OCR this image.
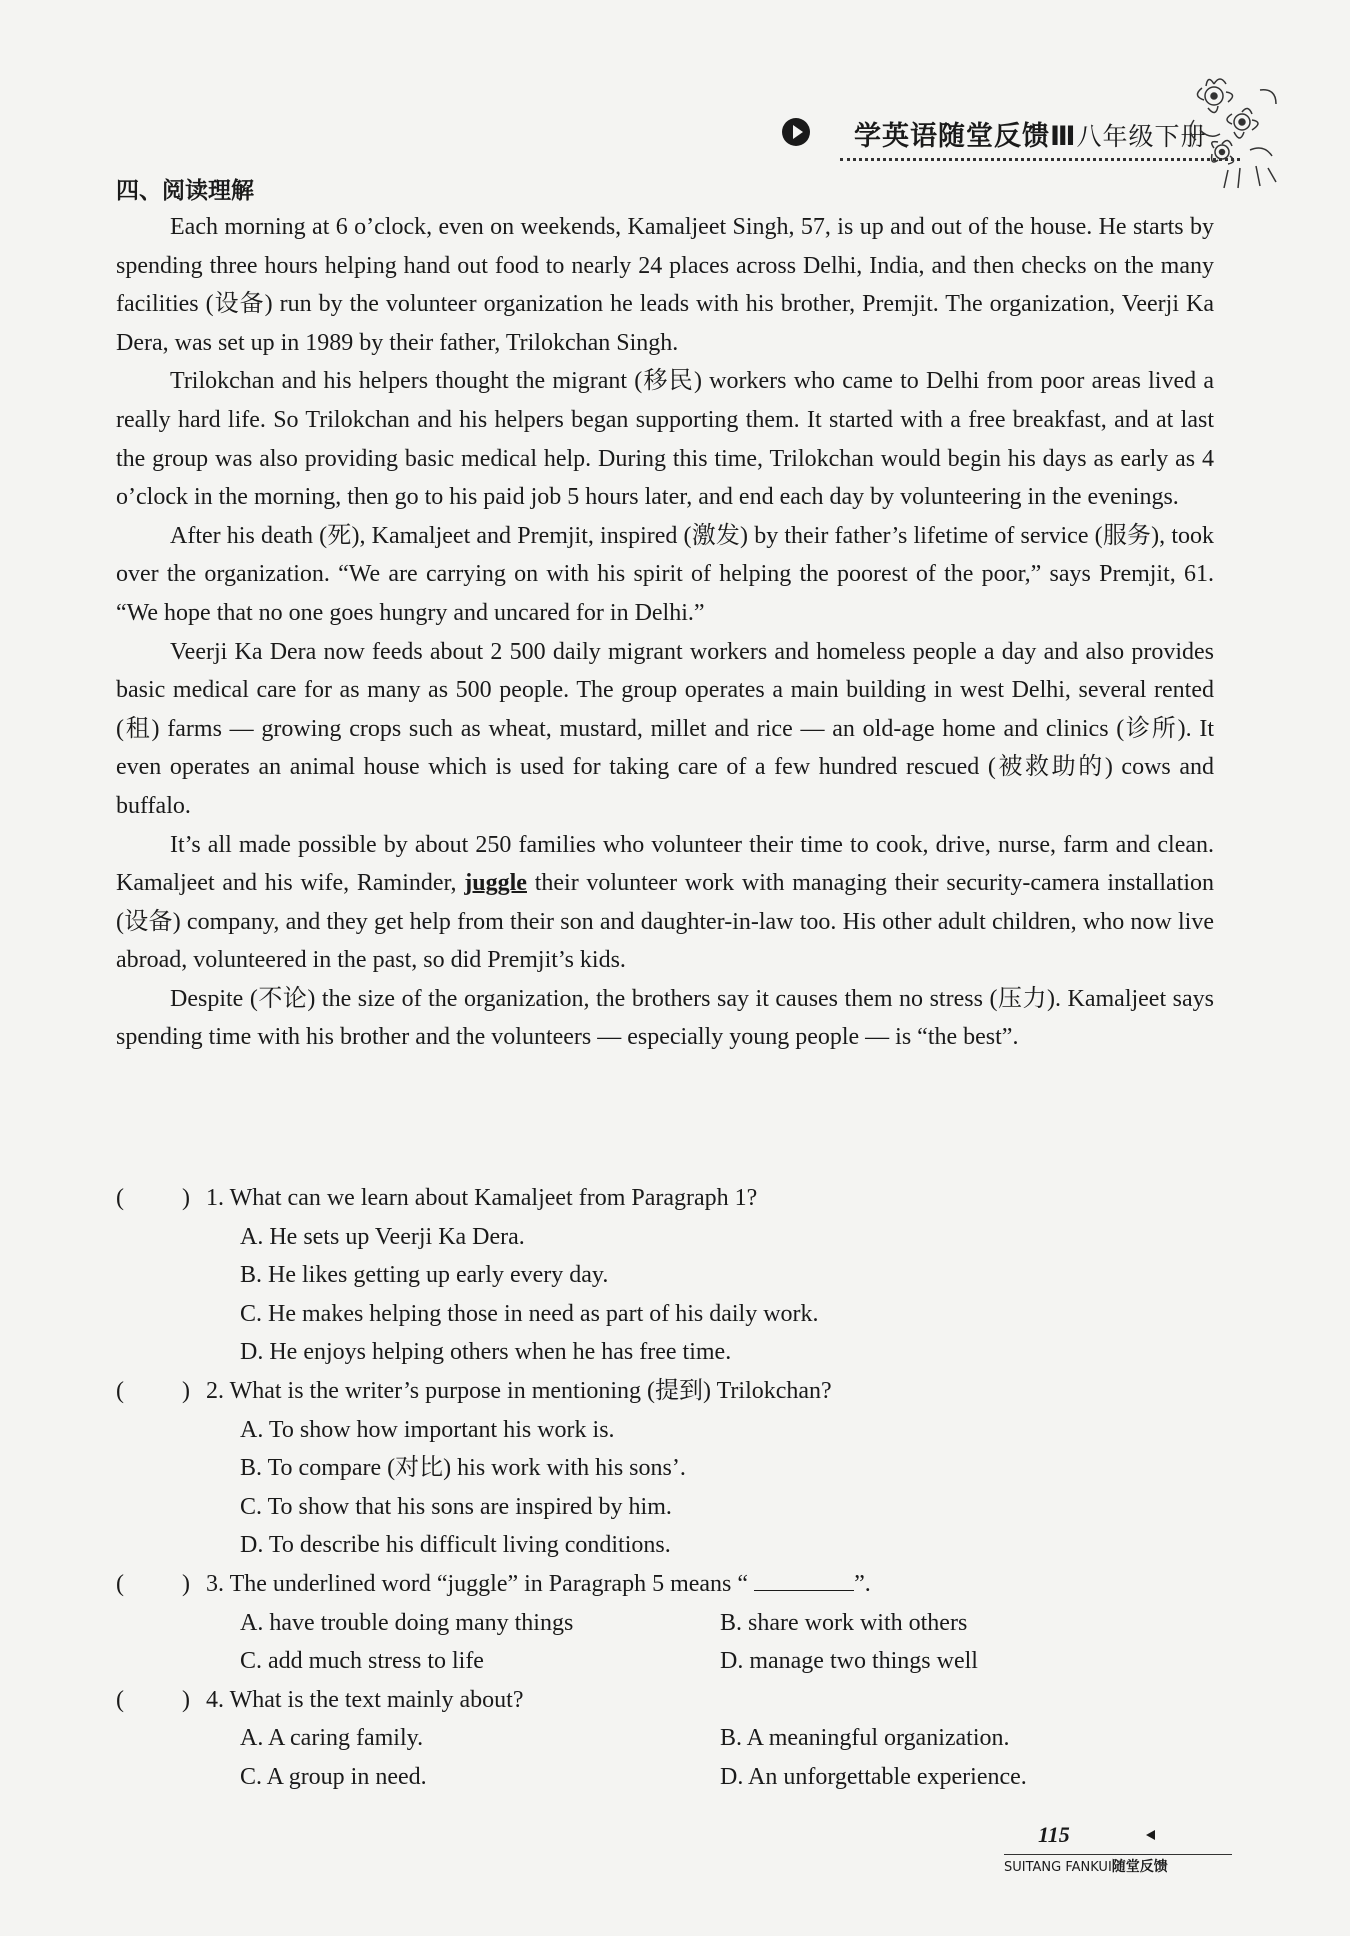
学英语随堂反馈Ⅲ八年级下册
四、阅读理解

Each morning at 6 o’clock, even on weekends, Kamaljeet Singh, 57, is up and out of the house. He starts by spending three hours helping hand out food to nearly 24 places across Delhi, India, and then checks on the many facilities (设备) run by the volunteer organization he leads with his brother, Premjit. The organization, Veerji Ka Dera, was set up in 1989 by their father, Trilokchan Singh.

Trilokchan and his helpers thought the migrant (移民) workers who came to Delhi from poor areas lived a really hard life. So Trilokchan and his helpers began supporting them. It started with a free breakfast, and at last the group was also providing basic medical help. During this time, Trilokchan would begin his days as early as 4 o’clock in the morning, then go to his paid job 5 hours later, and end each day by volunteering in the evenings.

After his death (死), Kamaljeet and Premjit, inspired (激发) by their father’s lifetime of service (服务), took over the organization. “We are carrying on with his spirit of helping the poorest of the poor,” says Premjit, 61. “We hope that no one goes hungry and uncared for in Delhi.”

Veerji Ka Dera now feeds about 2 500 daily migrant workers and homeless people a day and also provides basic medical care for as many as 500 people. The group operates a main building in west Delhi, several rented (租) farms — growing crops such as wheat, mustard, millet and rice — an old-age home and clinics (诊所). It even operates an animal house which is used for taking care of a few hundred rescued (被救助的) cows and buffalo.

It’s all made possible by about 250 families who volunteer their time to cook, drive, nurse, farm and clean. Kamaljeet and his wife, Raminder, juggle their volunteer work with managing their security-camera installation (设备) company, and they get help from their son and daughter-in-law too. His other adult children, who now live abroad, volunteered in the past, so did Premjit’s kids.

Despite (不论) the size of the organization, the brothers say it causes them no stress (压力). Kamaljeet says spending time with his brother and the volunteers — especially young people — is “the best”.

( ) 1. What can we learn about Kamaljeet from Paragraph 1?
A. He sets up Veerji Ka Dera.
B. He likes getting up early every day.
C. He makes helping those in need as part of his daily work.
D. He enjoys helping others when he has free time.
( ) 2. What is the writer’s purpose in mentioning (提到) Trilokchan?
A. To show how important his work is.
B. To compare (对比) his work with his sons’.
C. To show that his sons are inspired by him.
D. To describe his difficult living conditions.
( ) 3. The underlined word “juggle” in Paragraph 5 means “	”.
A. have trouble doing many things	B. share work with others
C. add much stress to life	D. manage two things well
( ) 4. What is the text mainly about?
A. A caring family.	B. A meaningful organization.
C. A group in need.	D. An unforgettable experience.
115
SUITANG FANKUI随堂反馈
